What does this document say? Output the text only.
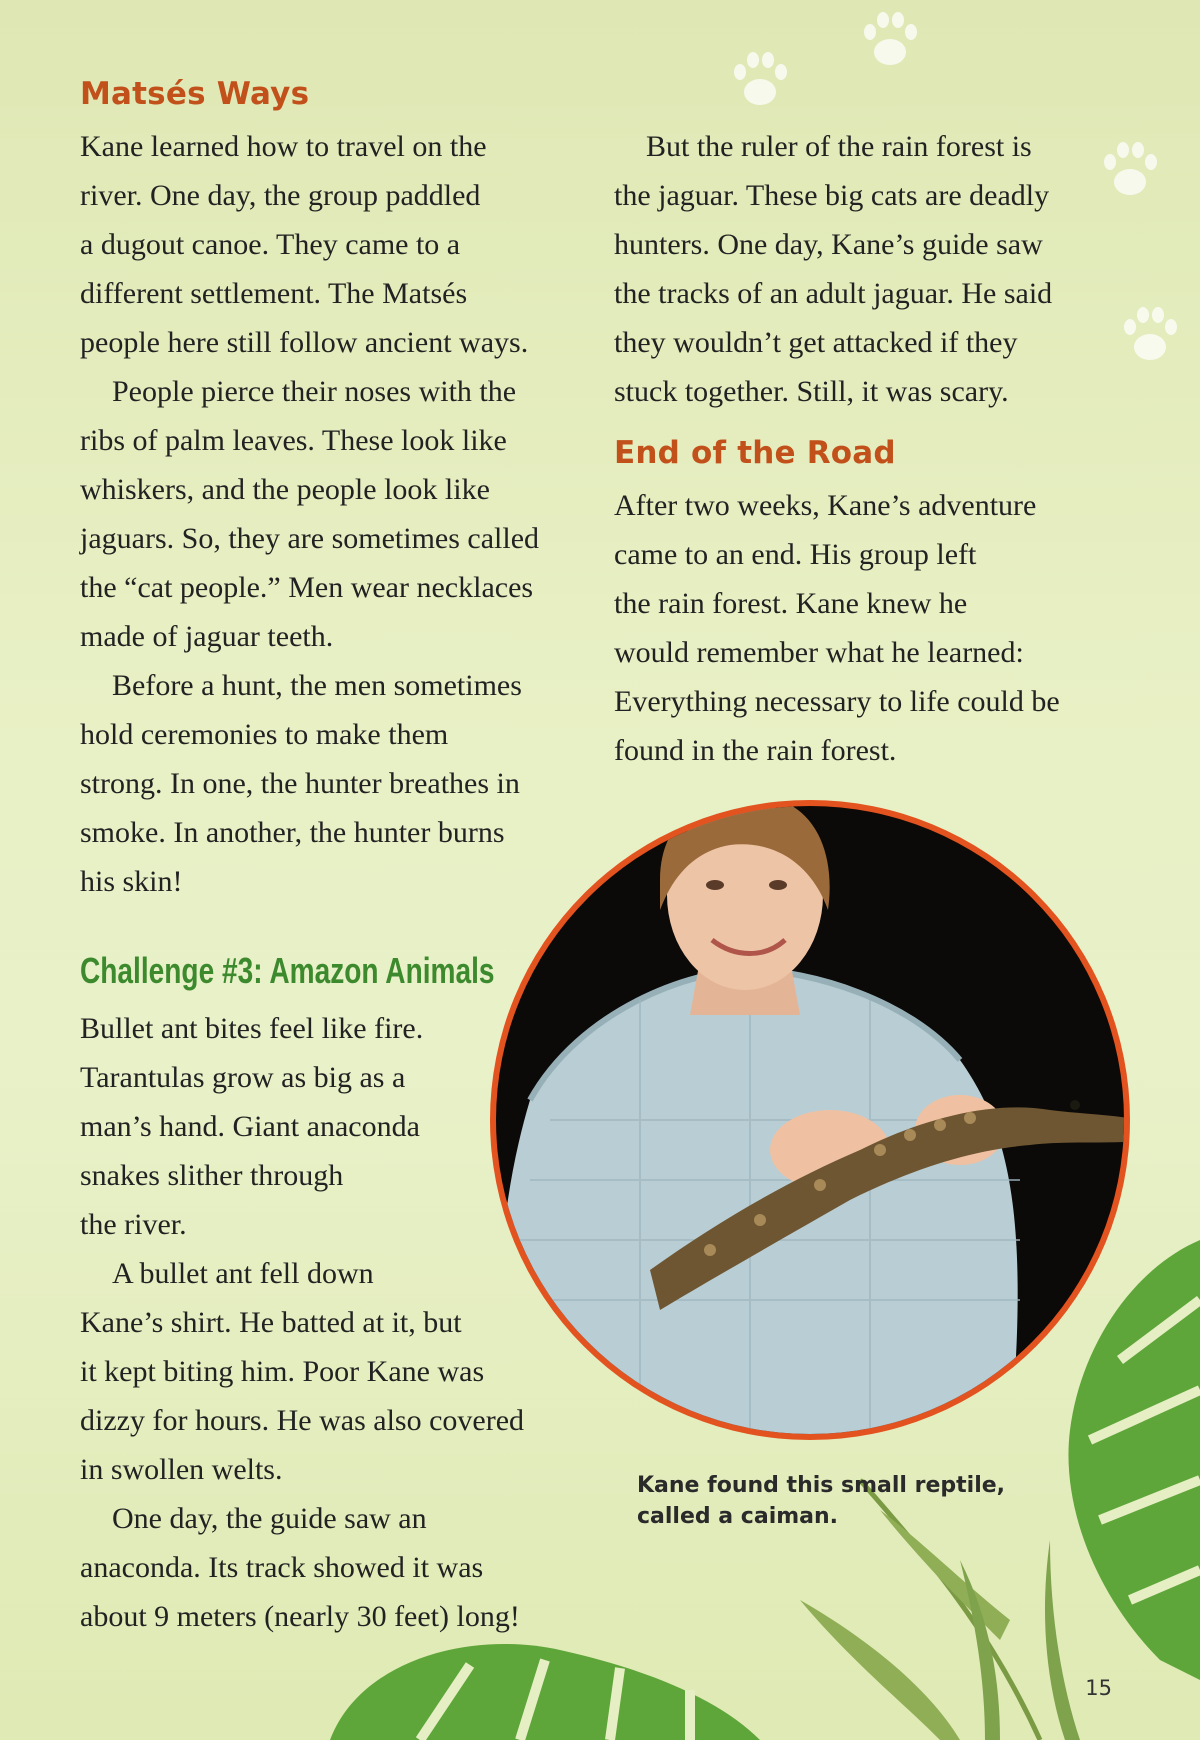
Matsés Ways
Kane learned how to travel on the
river. One day, the group paddled
a dugout canoe. They came to a
different settlement. The Matsés
people here still follow ancient ways.
People pierce their noses with the
ribs of palm leaves. These look like
whiskers, and the people look like
jaguars. So, they are sometimes called
the “cat people.” Men wear necklaces
made of jaguar teeth.
Before a hunt, the men sometimes
hold ceremonies to make them
strong. In one, the hunter breathes in
smoke. In another, the hunter burns
his skin!
Challenge #3: Amazon Animals
Bullet ant bites feel like fire.
Tarantulas grow as big as a
man’s hand. Giant anaconda
snakes slither through
the river.
A bullet ant fell down
Kane’s shirt. He batted at it, but
it kept biting him. Poor Kane was
dizzy for hours. He was also covered
in swollen welts.
One day, the guide saw an
anaconda. Its track showed it was
about 9 meters (nearly 30 feet) long!
But the ruler of the rain forest is
the jaguar. These big cats are deadly
hunters. One day, Kane’s guide saw
the tracks of an adult jaguar. He said
they wouldn’t get attacked if they
stuck together. Still, it was scary.
End of the Road
After two weeks, Kane’s adventure
came to an end. His group left
the rain forest. Kane knew he
would remember what he learned:
Everything necessary to life could be
found in the rain forest.
Kane found this small reptile,
called a caiman.
15
